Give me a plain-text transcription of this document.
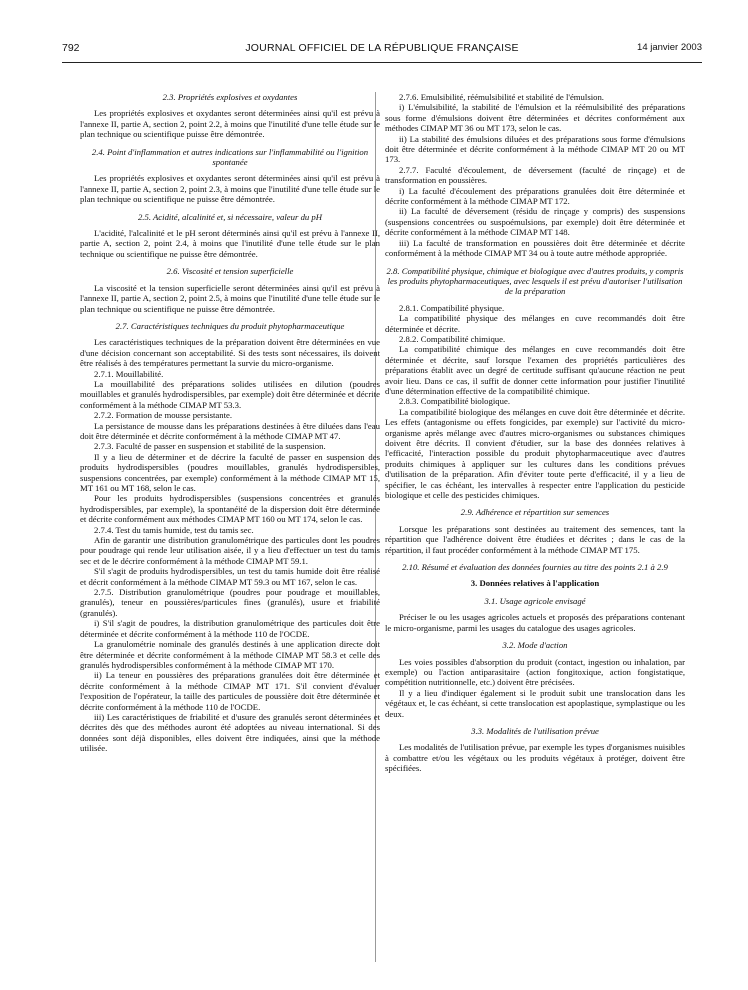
792	JOURNAL OFFICIEL DE LA RÉPUBLIQUE FRANÇAISE	14 janvier 2003
2.3. Propriétés explosives et oxydantes

Les propriétés explosives et oxydantes seront déterminées ainsi qu'il est prévu à l'annexe II, partie A, section 2, point 2.2, à moins que l'inutilité d'une telle étude sur le plan technique ou scientifique puisse être démontrée.

2.4. Point d'inflammation et autres indications sur l'inflammabilité ou l'ignition spontanée

Les propriétés explosives et oxydantes seront déterminées ainsi qu'il est prévu à l'annexe II, partie A, section 2, point 2.3, à moins que l'inutilité d'une telle étude sur le plan technique ou scientifique ne puisse être démontrée.

2.5. Acidité, alcalinité et, si nécessaire, valeur du pH

L'acidité, l'alcalinité et le pH seront déterminés ainsi qu'il est prévu à l'annexe II, partie A, section 2, point 2.4, à moins que l'inutilité d'une telle étude sur le plan technique ou scientifique ne puisse être démontrée.

2.6. Viscosité et tension superficielle

La viscosité et la tension superficielle seront déterminées ainsi qu'il est prévu à l'annexe II, partie A, section 2, point 2.5, à moins que l'inutilité d'une telle étude sur le plan technique ou scientifique ne puisse être démontrée.

2.7. Caractéristiques techniques du produit phytopharmaceutique

Les caractéristiques techniques de la préparation doivent être déterminées en vue d'une décision concernant son acceptabilité. Si des tests sont nécessaires, ils doivent être réalisés à des températures permettant la survie du micro-organisme.

2.7.1. Mouillabilité.

La mouillabilité des préparations solides utilisées en dilution (poudres mouillables et granulés hydrodispersibles, par exemple) doit être déterminée et décrite conformément à la méthode CIMAP MT 53.3.

2.7.2. Formation de mousse persistante.

La persistance de mousse dans les préparations destinées à être diluées dans l'eau doit être déterminée et décrite conformément à la méthode CIMAP MT 47.

2.7.3. Faculté de passer en suspension et stabilité de la suspension.

Il y a lieu de déterminer et de décrire la faculté de passer en suspension des produits hydrodispersibles (poudres mouillables, granulés hydrodispersibles, suspensions concentrées, par exemple) conformément à la méthode CIMAP MT 15, MT 161 ou MT 168, selon le cas.

Pour les produits hydrodispersibles (suspensions concentrées et granulés hydrodispersibles, par exemple), la spontanéité de la dispersion doit être déterminée et décrite conformément aux méthodes CIMAP MT 160 ou MT 174, selon le cas.

2.7.4. Test du tamis humide, test du tamis sec.

Afin de garantir une distribution granulométrique des particules dont les poudres pour poudrage qui rende leur utilisation aisée, il y a lieu d'effectuer un test du tamis sec et de le décrire conformément à la méthode CIMAP MT 59.1.

S'il s'agit de produits hydrodispersibles, un test du tamis humide doit être réalisé et décrit conformément à la méthode CIMAP MT 59.3 ou MT 167, selon le cas.

2.7.5. Distribution granulométrique (poudres pour poudrage et mouillables, granulés), teneur en poussières/particules fines (granulés), usure et friabilité (granulés).

i) S'il s'agit de poudres, la distribution granulométrique des particules doit être déterminée et décrite conformément à la méthode 110 de l'OCDE.

La granulométrie nominale des granulés destinés à une application directe doit être déterminée et décrite conformément à la méthode CIMAP MT 58.3 et celle des granulés hydrodispersibles conformément à la méthode CIMAP MT 170.

ii) La teneur en poussières des préparations granulées doit être déterminée et décrite conformément à la méthode CIMAP MT 171. S'il convient d'évaluer l'exposition de l'opérateur, la taille des particules de poussière doit être déterminée et décrite conformément à la méthode 110 de l'OCDE.

iii) Les caractéristiques de friabilité et d'usure des granulés seront déterminées et décrites dès que des méthodes auront été adoptées au niveau international. Si des données sont déjà disponibles, elles doivent être indiquées, ainsi que la méthode utilisée.

2.7.6. Emulsibilité, réémulsibilité et stabilité de l'émulsion.

i) L'émulsibilité, la stabilité de l'émulsion et la réémulsibilité des préparations sous forme d'émulsions doivent être déterminées et décrites conformément aux méthodes CIMAP MT 36 ou MT 173, selon le cas.

ii) La stabilité des émulsions diluées et des préparations sous forme d'émulsions doit être déterminée et décrite conformément à la méthode CIMAP MT 20 ou MT 173.

2.7.7. Faculté d'écoulement, de déversement (faculté de rinçage) et de transformation en poussières.

i) La faculté d'écoulement des préparations granulées doit être déterminée et décrite conformément à la méthode CIMAP MT 172.

ii) La faculté de déversement (résidu de rinçage y compris) des suspensions (suspensions concentrées ou suspoémulsions, par exemple) doit être déterminée et décrite conformément à la méthode CIMAP MT 148.

iii) La faculté de transformation en poussières doit être déterminée et décrite conformément à la méthode CIMAP MT 34 ou à toute autre méthode appropriée.

2.8. Compatibilité physique, chimique et biologique avec d'autres produits, y compris les produits phytopharmaceutiques, avec lesquels il est prévu d'autoriser l'utilisation de la préparation

2.8.1. Compatibilité physique.

La compatibilité physique des mélanges en cuve recommandés doit être déterminée et décrite.

2.8.2. Compatibilité chimique.

La compatibilité chimique des mélanges en cuve recommandés doit être déterminée et décrite, sauf lorsque l'examen des propriétés particulières des préparations établit avec un degré de certitude suffisant qu'aucune réaction ne peut avoir lieu. Dans ce cas, il suffit de donner cette information pour justifier l'inutilité d'une détermination effective de la compatibilité chimique.

2.8.3. Compatibilité biologique.

La compatibilité biologique des mélanges en cuve doit être déterminée et décrite. Les effets (antagonisme ou effets fongicides, par exemple) sur l'activité du micro-organisme après mélange avec d'autres micro-organismes ou substances chimiques doivent être décrits. Il convient d'étudier, sur la base des données relatives à l'efficacité, l'interaction possible du produit phytopharmaceutique avec d'autres produits chimiques à appliquer sur les cultures dans les conditions prévues d'utilisation de la préparation. Afin d'éviter toute perte d'efficacité, il y a lieu de spécifier, le cas échéant, les intervalles à respecter entre l'application du pesticide biologique et celle des pesticides chimiques.

2.9. Adhérence et répartition sur semences

Lorsque les préparations sont destinées au traitement des semences, tant la répartition que l'adhérence doivent être étudiées et décrites ; dans le cas de la répartition, il faut procéder conformément à la méthode CIMAP MT 175.

2.10. Résumé et évaluation des données fournies au titre des points 2.1 à 2.9
3. Données relatives à l'application
3.1. Usage agricole envisagé

Préciser le ou les usages agricoles actuels et proposés des préparations contenant le micro-organisme, parmi les usages du catalogue des usages agricoles.

3.2. Mode d'action

Les voies possibles d'absorption du produit (contact, ingestion ou inhalation, par exemple) ou l'action antiparasitaire (action fongitoxique, action fongistatique, compétition nutritionnelle, etc.) doivent être précisées.

Il y a lieu d'indiquer également si le produit subit une translocation dans les végétaux et, le cas échéant, si cette translocation est apoplastique, symplastique ou les deux.

3.3. Modalités de l'utilisation prévue

Les modalités de l'utilisation prévue, par exemple les types d'organismes nuisibles à combattre et/ou les végétaux ou les produits végétaux à protéger, doivent être spécifiées.
